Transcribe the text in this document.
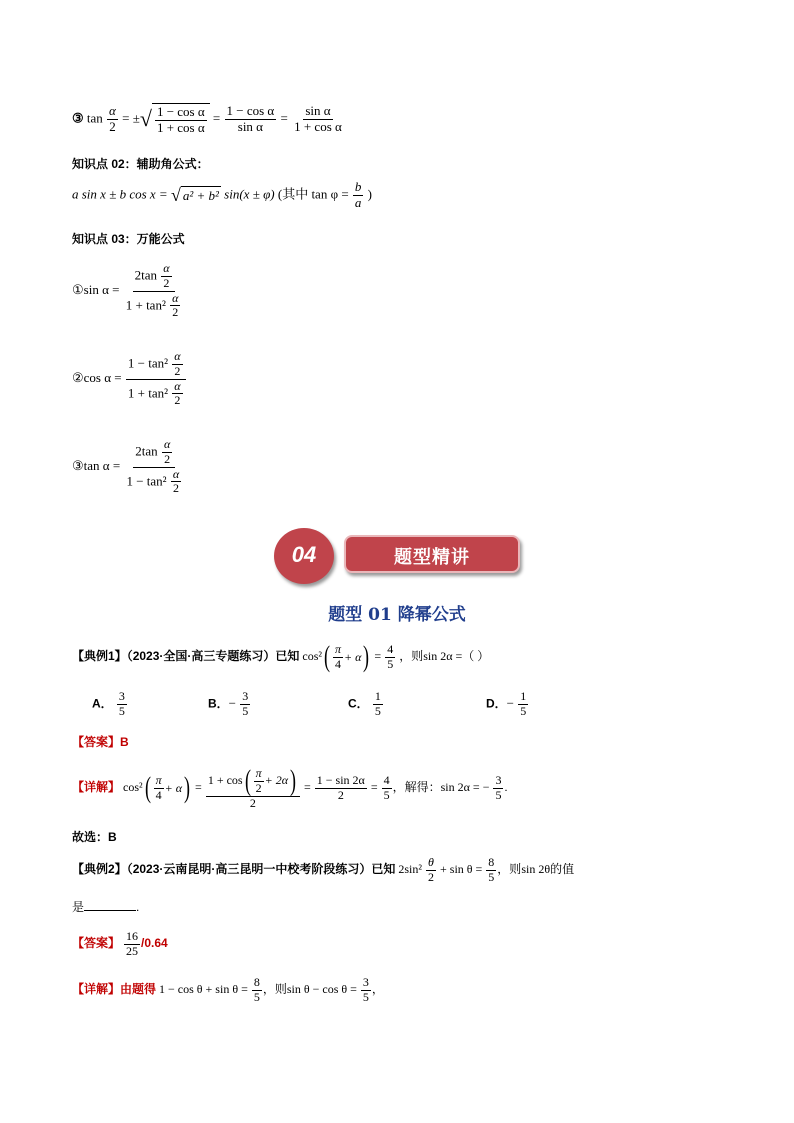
③ $\tan \frac{\alpha}{2}$ = ± √ $\frac{\text{1 − cos α}}{\text{1 + cos α}} = \frac{\text{1 − cos α}}{\text{sin α}} = \frac{\text{sin α}}{\text{1 + cos α}}$
知识点 02：辅助角公式：
a sin x ± b cos x = √ a² + b² sin(x ± φ) (其中 $\tan \varphi = \frac{b}{a}$ )
知识点 03：万能公式
①sin $\alpha = \frac{2\tan \frac{\alpha}{2}}{1 + \tan^2 \frac{\alpha}{2}}$
②cos $\alpha = \frac{1 - \tan^2 \frac{\alpha}{2}}{1 + \tan^2 \frac{\alpha}{2}}$
③tan $\alpha = \frac{2\tan \frac{\alpha}{2}}{1 - \tan^2 \frac{\alpha}{2}}$
04	题型精讲
题型 01 降幂公式
【典例1】（2023·全国·高三专题练习）已知 cos² ( $\frac{\pi}{4} + \alpha$ ) = $\frac{4}{5}$ ，则sin 2α =（ ）
A． $\frac{3}{5}$	B．− $\frac{3}{5}$	C． $\frac{1}{5}$	D．− $\frac{1}{5}$
【答案】B
【详解】 cos² ( $\frac{\pi}{4} + \alpha$ ) = $\frac{1 + \cos ( \frac{\pi}{2} + 2\alpha )}{2} = \frac{1 - \sin 2\alpha}{2} = \frac{4}{5}$ ，解得：sin 2α = − $\frac{3}{5}$ .
故选：B
【典例2】（2023·云南昆明·高三昆明一中校考阶段练习）已知 $2\sin^2 \frac{\theta}{2} + \sin \theta = \frac{8}{5}$ ，则sin 2θ的值
是	.
【答案】 $\frac{16}{25} /0.64$
【详解】由题得 $1 - \cos \theta + \sin \theta = \frac{8}{5}$ ，则$\sin \theta - \cos \theta = \frac{3}{5}$ ，
